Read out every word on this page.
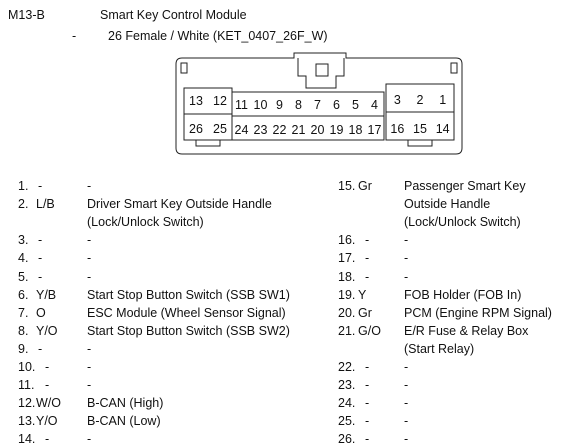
M13-B	Smart Key Control Module
-	26 Female / White (KET_0407_26F_W)
13 12 11 10 9 8 7 6 5 4 3 2 1
26 25 24 23 22 21 20 19 18 17 16 15 14
1. -	-
2. L/B	Driver Smart Key Outside Handle
(Lock/Unlock Switch)
3. -	-
4. -	-
5. -	-
6. Y/B Start Stop Button Switch (SSB SW1)
7. O	ESC Module (Wheel Sensor Signal)
8. Y/O Start Stop Button Switch (SSB SW2)
9. -	-
10. -	-
11. -	-
12. W/O B-CAN (High)
13. Y/O B-CAN (Low)
14. -	-
15. Gr	Passenger Smart Key
Outside Handle
(Lock/Unlock Switch)
16. -	-
17. -	-
18. -	-
19. Y	FOB Holder (FOB In)
20. Gr	PCM (Engine RPM Signal)
21. G/O E/R Fuse & Relay Box
(Start Relay)
22. -	-
23. -	-
24. -	-
25. -	-
26. -	-
